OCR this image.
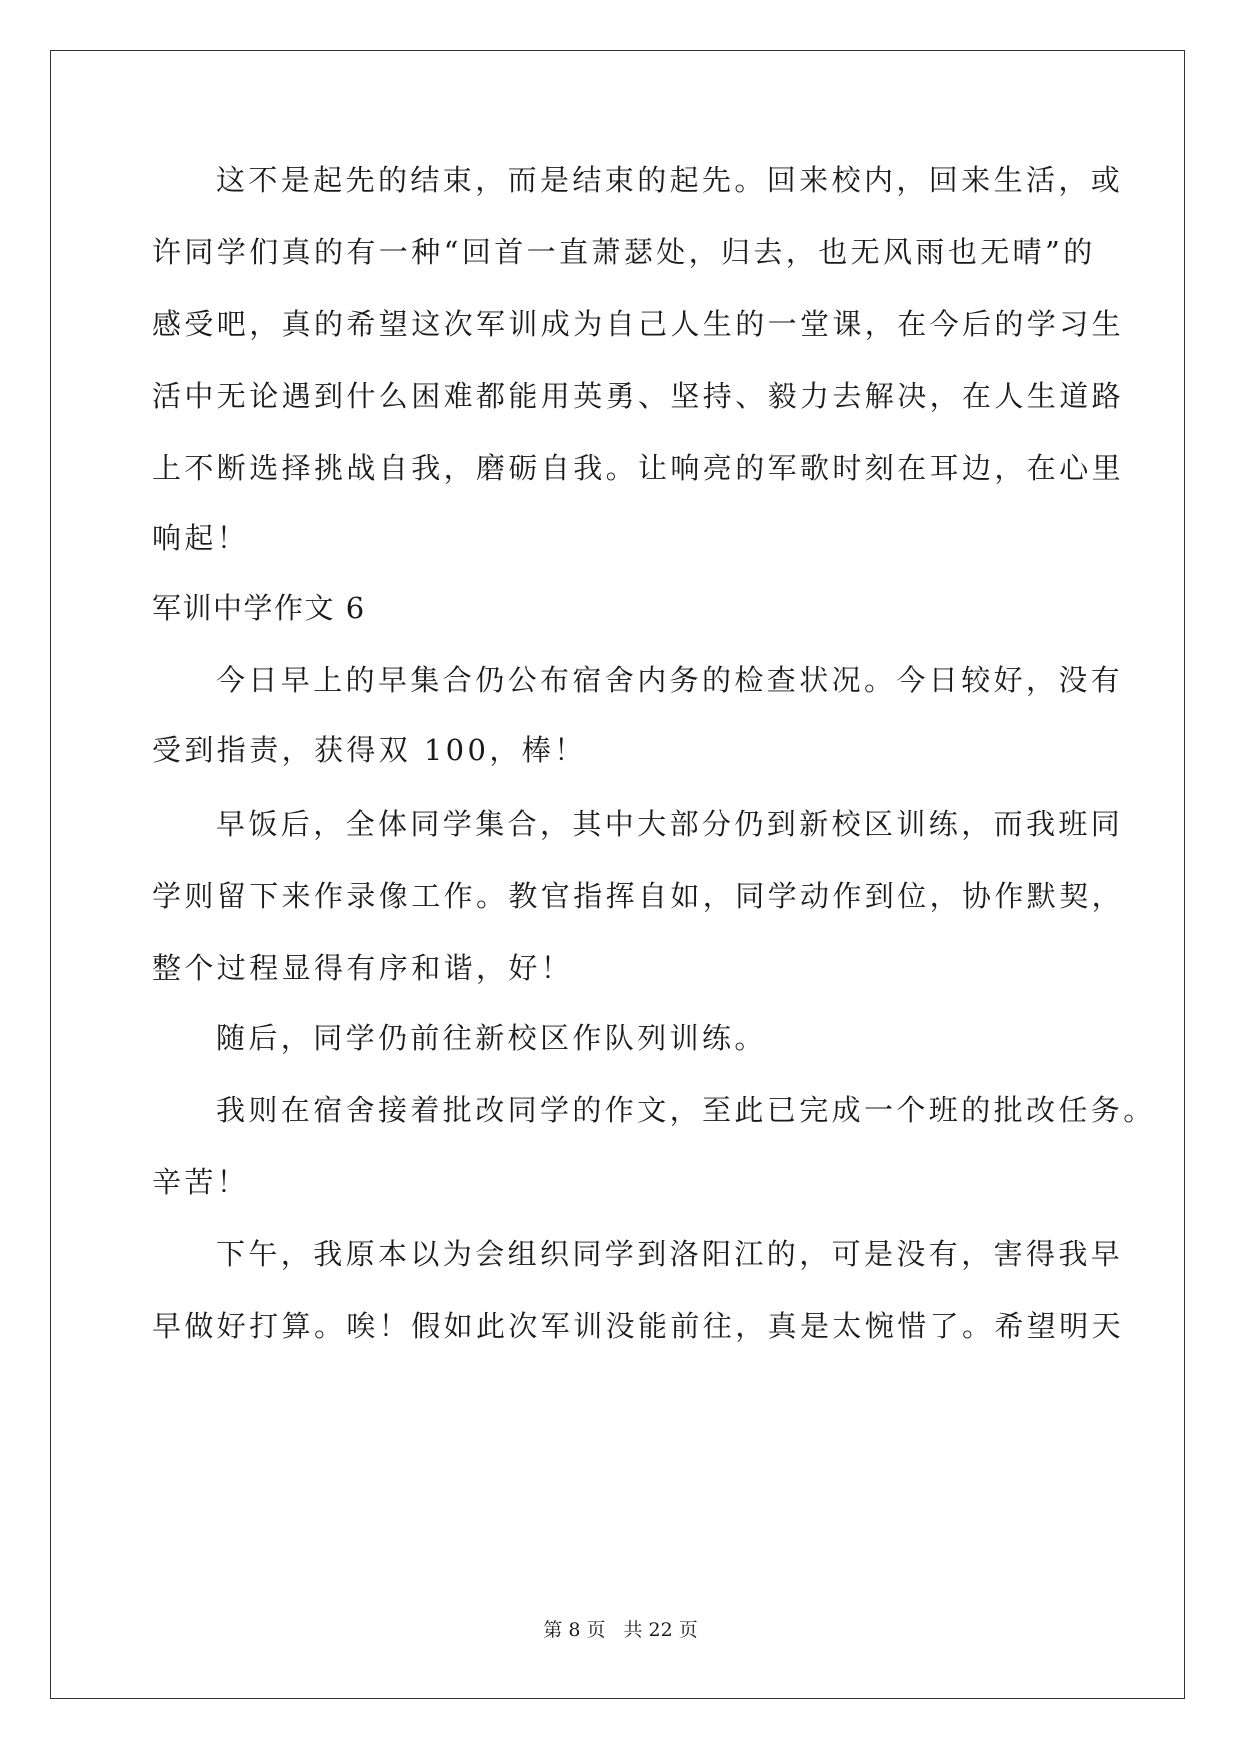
这不是起先的结束，而是结束的起先。回来校内，回来生活，或
许同学们真的有一种“回首一直萧瑟处，归去，也无风雨也无晴”的
感受吧，真的希望这次军训成为自己人生的一堂课，在今后的学习生
活中无论遇到什么困难都能用英勇、坚持、毅力去解决，在人生道路
上不断选择挑战自我，磨砺自我。让响亮的军歌时刻在耳边，在心里
响起！
军训中学作文 6
今日早上的早集合仍公布宿舍内务的检查状况。今日较好，没有
受到指责，获得双 100，棒！
早饭后，全体同学集合，其中大部分仍到新校区训练，而我班同
学则留下来作录像工作。教官指挥自如，同学动作到位，协作默契，
整个过程显得有序和谐，好！
随后，同学仍前往新校区作队列训练。
我则在宿舍接着批改同学的作文，至此已完成一个班的批改任务。
辛苦！
下午，我原本以为会组织同学到洛阳江的，可是没有，害得我早
早做好打算。唉！假如此次军训没能前往，真是太惋惜了。希望明天
第 8 页 共 22 页
